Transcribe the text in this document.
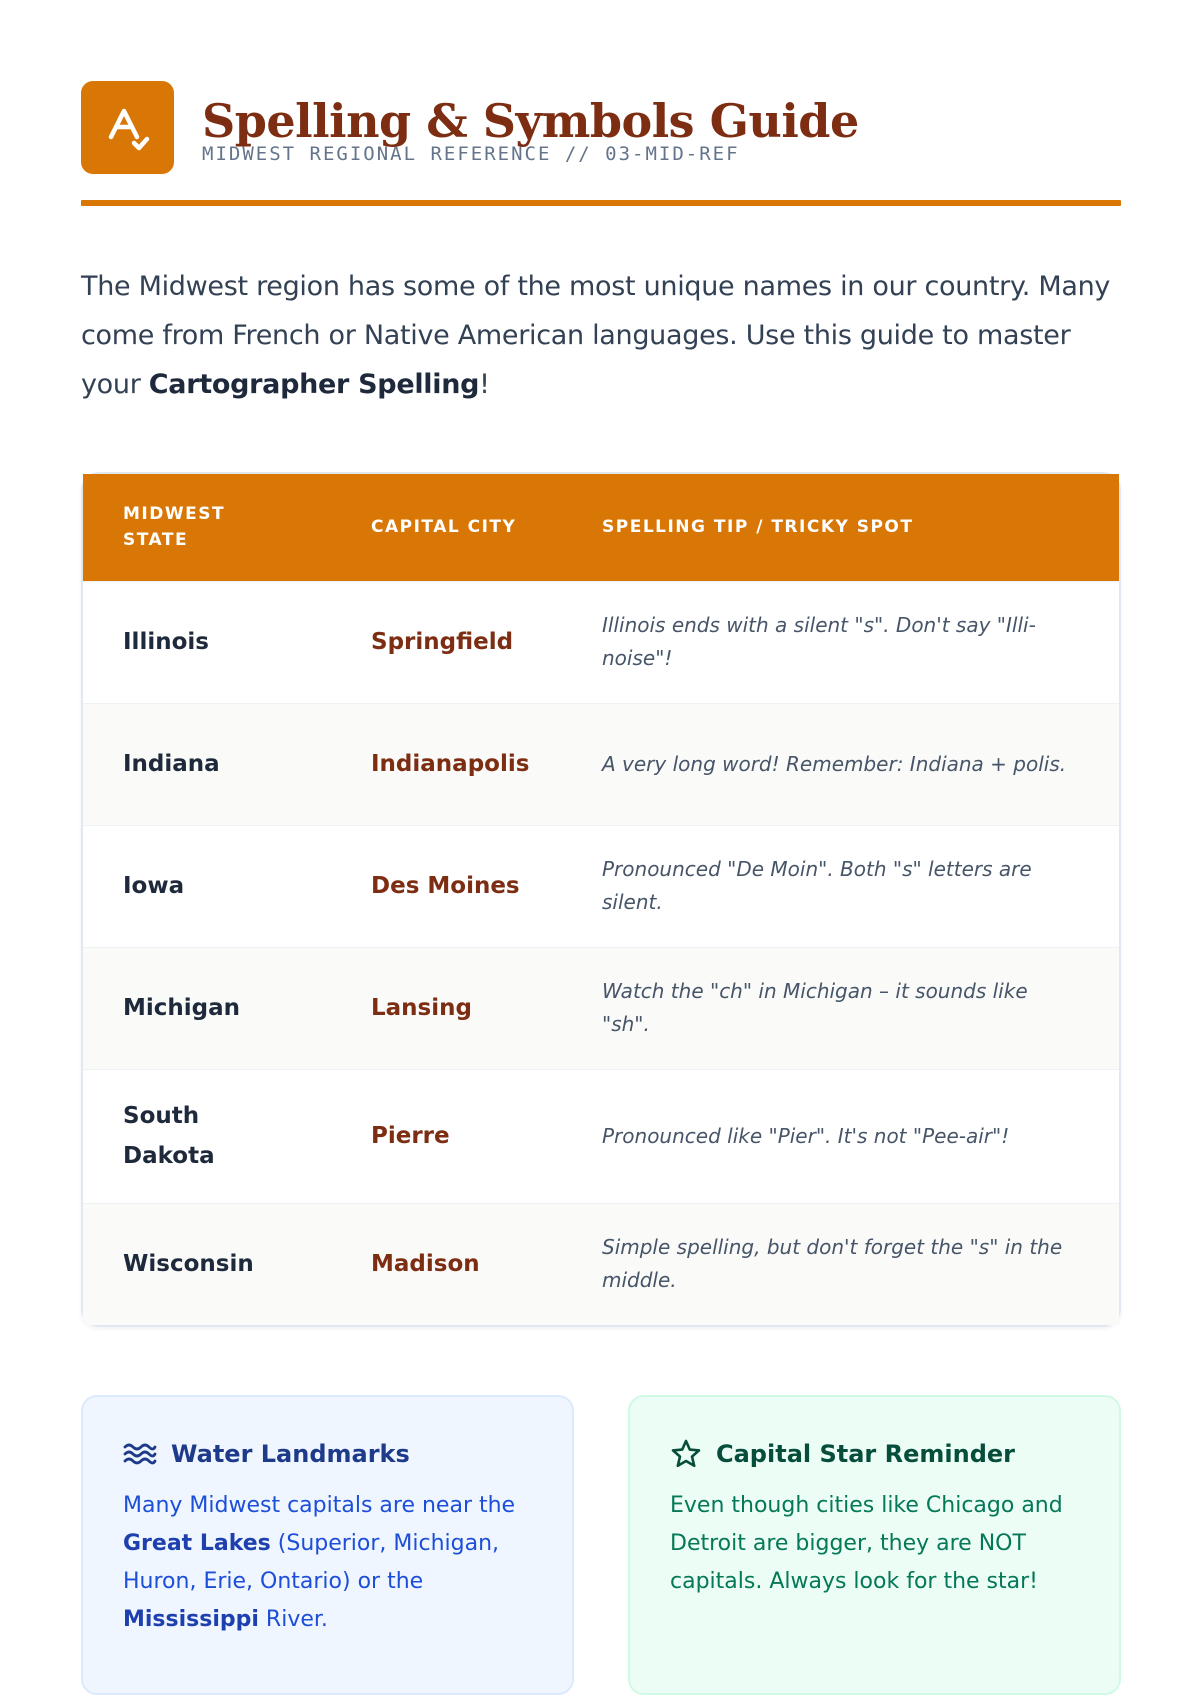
Spelling & Symbols Guide
MIDWEST REGIONAL REFERENCE // 03-MID-REF

The Midwest region has some of the most unique names in our country. Many come from French or Native American languages. Use this guide to master your Cartographer Spelling!

MIDWEST
STATE	CAPITAL CITY	SPELLING TIP / TRICKY SPOT
Illinois	Springfield	Illinois ends with a silent "s". Don't say "Illi-noise"!
Indiana	Indianapolis	A very long word! Remember: Indiana + polis.
Iowa	Des Moines	Pronounced "De Moin". Both "s" letters are silent.
Michigan	Lansing	Watch the "ch" in Michigan – it sounds like "sh".
South Dakota	Pierre	Pronounced like "Pier". It's not "Pee-air"!
Wisconsin	Madison	Simple spelling, but don't forget the "s" in the middle.
Water Landmarks

Many Midwest capitals are near the Great Lakes (Superior, Michigan, Huron, Erie, Ontario) or the Mississippi River.

Capital Star Reminder

Even though cities like Chicago and Detroit are bigger, they are NOT capitals. Always look for the star!
